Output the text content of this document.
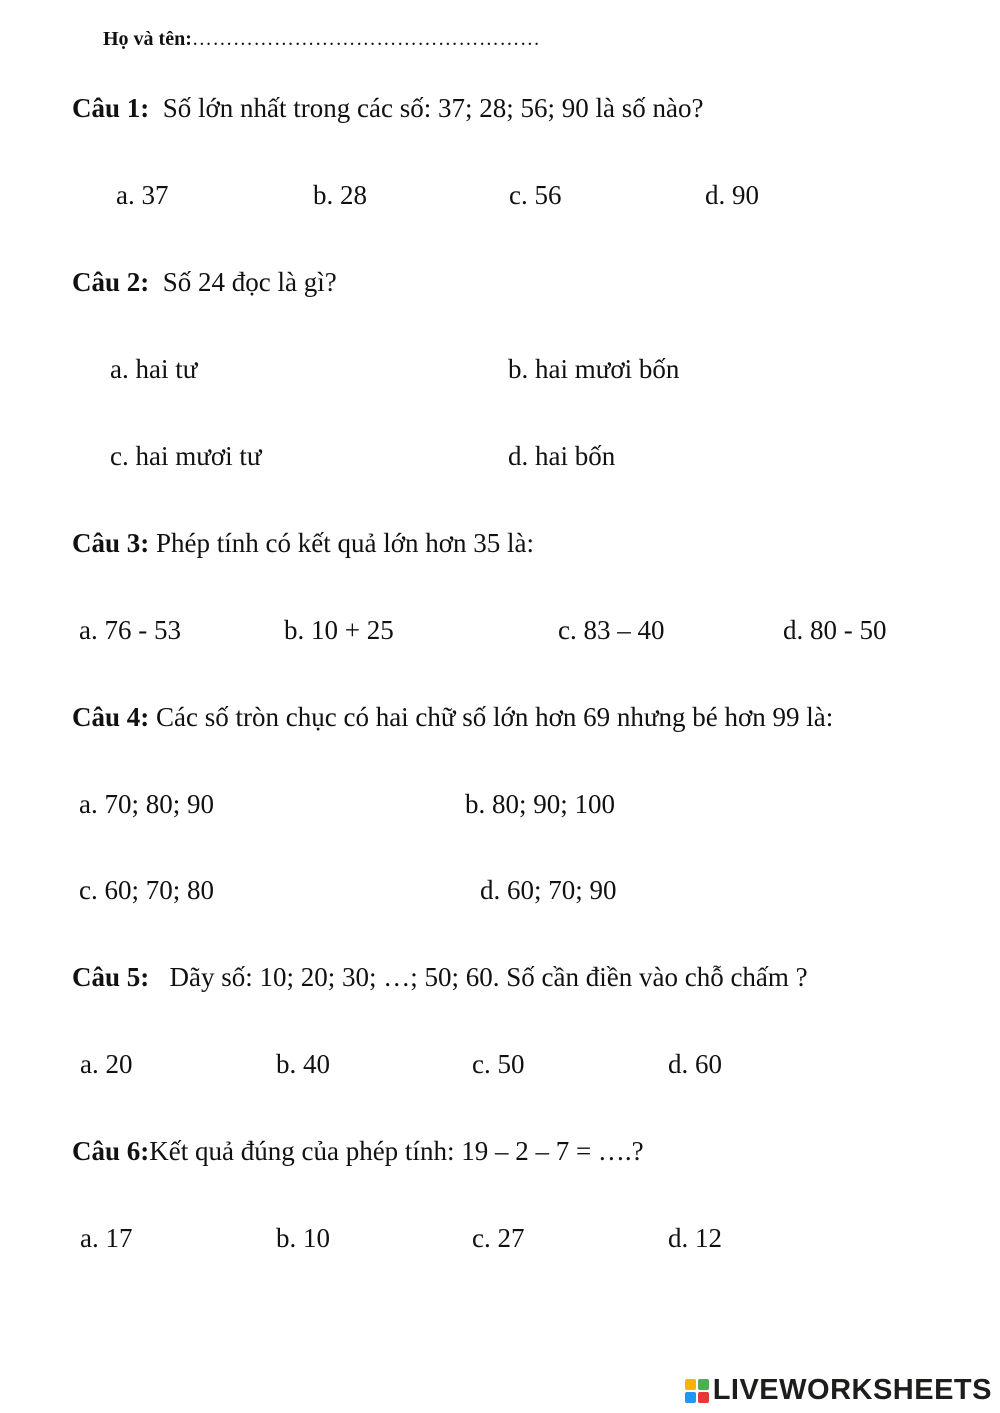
Họ và tên:……………………………………………
Câu 1: Số lớn nhất trong các số: 37; 28; 56; 90 là số nào?
a. 37	b. 28	c. 56	d. 90
Câu 2: Số 24 đọc là gì?
a. hai tư	b. hai mươi bốn
c. hai mươi tư	d. hai bốn
Câu 3: Phép tính có kết quả lớn hơn 35 là:
a. 76 - 53	b. 10 + 25	c. 83 – 40	d. 80 - 50
Câu 4: Các số tròn chục có hai chữ số lớn hơn 69 nhưng bé hơn 99 là:
a. 70; 80; 90	b. 80; 90; 100
c. 60; 70; 80	d. 60; 70; 90
Câu 5: Dãy số: 10; 20; 30; …; 50; 60. Số cần điền vào chỗ chấm ?
a. 20	b. 40	c. 50	d. 60
Câu 6:Kết quả đúng của phép tính: 19 – 2 – 7 = ….?
a. 17	b. 10	c. 27	d. 12
LIVEWORKSHEETS
